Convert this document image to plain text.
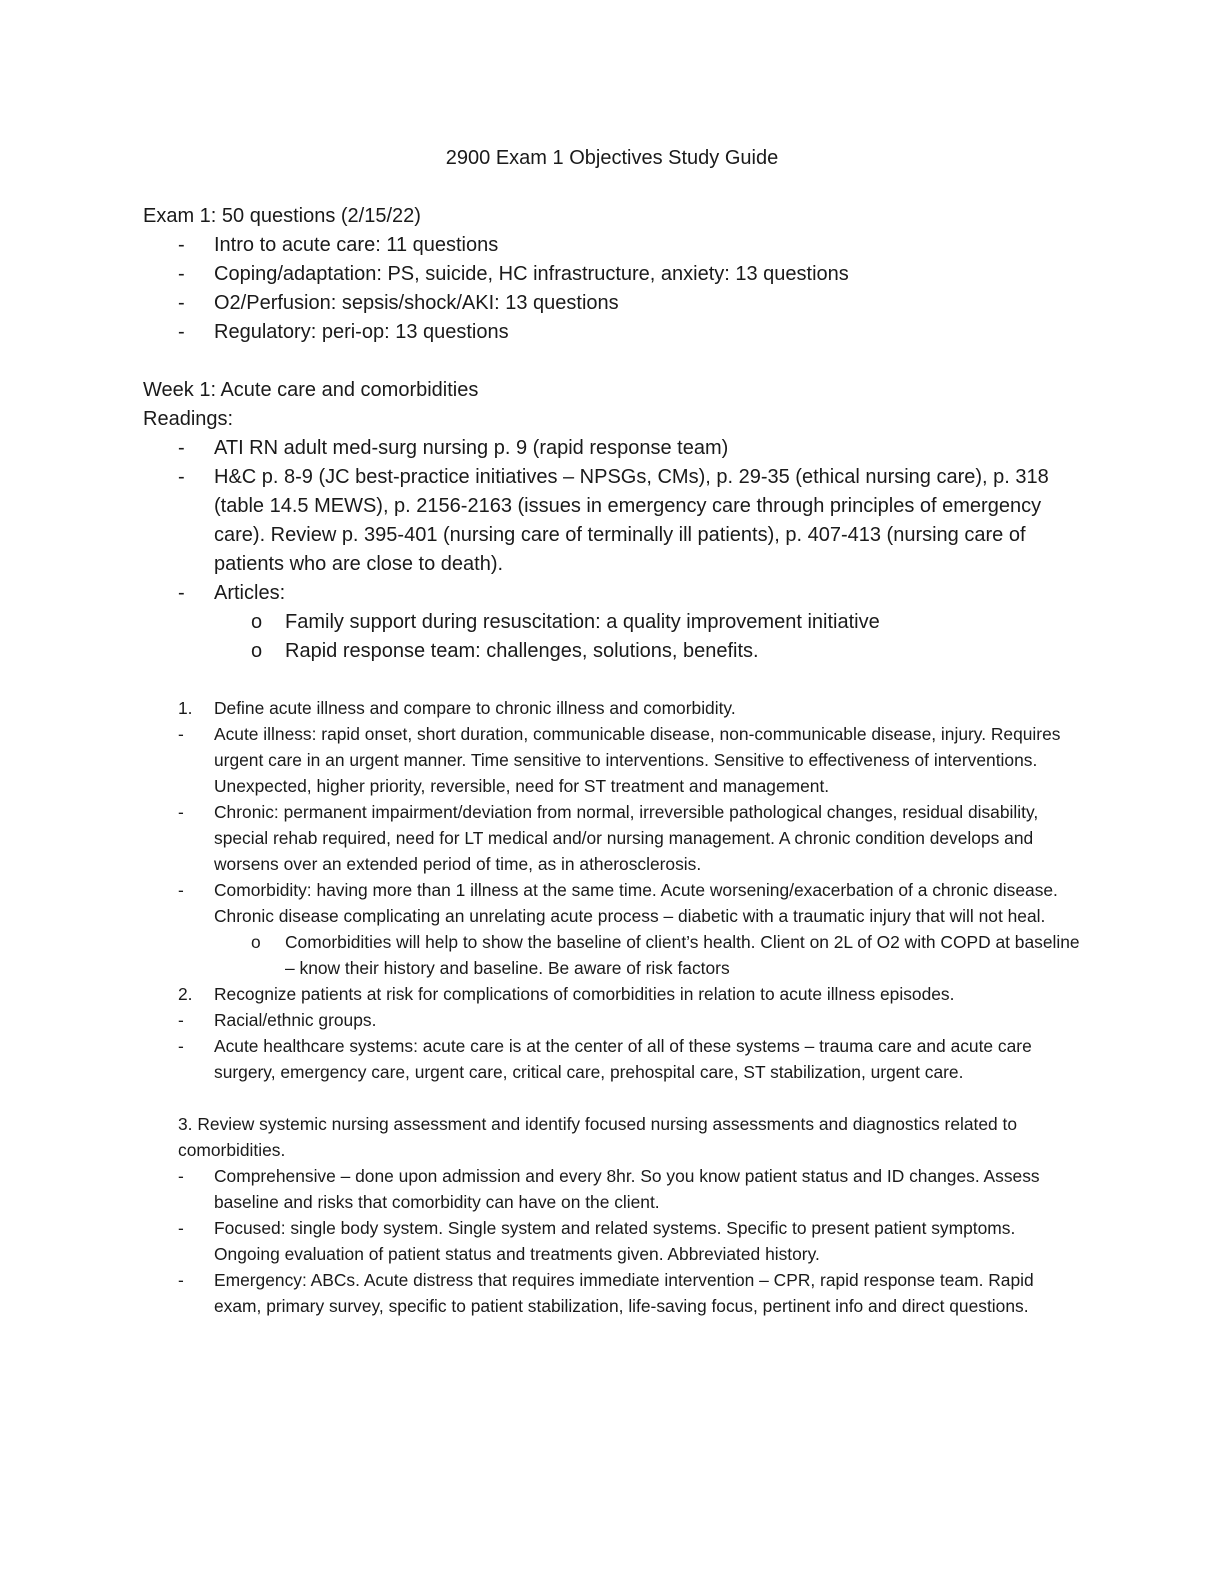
2900 Exam 1 Objectives Study Guide
Exam 1: 50 questions (2/15/22)
- Intro to acute care: 11 questions
- Coping/adaptation: PS, suicide, HC infrastructure, anxiety: 13 questions
- O2/Perfusion: sepsis/shock/AKI: 13 questions
- Regulatory: peri-op: 13 questions
Week 1: Acute care and comorbidities
Readings:
- ATI RN adult med-surg nursing p. 9 (rapid response team)
- H&C p. 8-9 (JC best-practice initiatives – NPSGs, CMs), p. 29-35 (ethical nursing care), p. 318 (table 14.5 MEWS), p. 2156-2163 (issues in emergency care through principles of emergency care). Review p. 395-401 (nursing care of terminally ill patients), p. 407-413 (nursing care of patients who are close to death).
- Articles:
o Family support during resuscitation: a quality improvement initiative
o Rapid response team: challenges, solutions, benefits.
1. Define acute illness and compare to chronic illness and comorbidity.
- Acute illness: rapid onset, short duration, communicable disease, non-communicable disease, injury. Requires urgent care in an urgent manner. Time sensitive to interventions. Sensitive to effectiveness of interventions. Unexpected, higher priority, reversible, need for ST treatment and management.
- Chronic: permanent impairment/deviation from normal, irreversible pathological changes, residual disability, special rehab required, need for LT medical and/or nursing management. A chronic condition develops and worsens over an extended period of time, as in atherosclerosis.
- Comorbidity: having more than 1 illness at the same time. Acute worsening/exacerbation of a chronic disease. Chronic disease complicating an unrelating acute process – diabetic with a traumatic injury that will not heal.
o Comorbidities will help to show the baseline of client’s health. Client on 2L of O2 with COPD at baseline – know their history and baseline. Be aware of risk factors
2. Recognize patients at risk for complications of comorbidities in relation to acute illness episodes.
- Racial/ethnic groups.
- Acute healthcare systems: acute care is at the center of all of these systems – trauma care and acute care surgery, emergency care, urgent care, critical care, prehospital care, ST stabilization, urgent care.
3. Review systemic nursing assessment and identify focused nursing assessments and diagnostics related to comorbidities.
- Comprehensive – done upon admission and every 8hr. So you know patient status and ID changes. Assess baseline and risks that comorbidity can have on the client.
- Focused: single body system. Single system and related systems. Specific to present patient symptoms. Ongoing evaluation of patient status and treatments given. Abbreviated history.
- Emergency: ABCs. Acute distress that requires immediate intervention – CPR, rapid response team. Rapid exam, primary survey, specific to patient stabilization, life-saving focus, pertinent info and direct questions.
